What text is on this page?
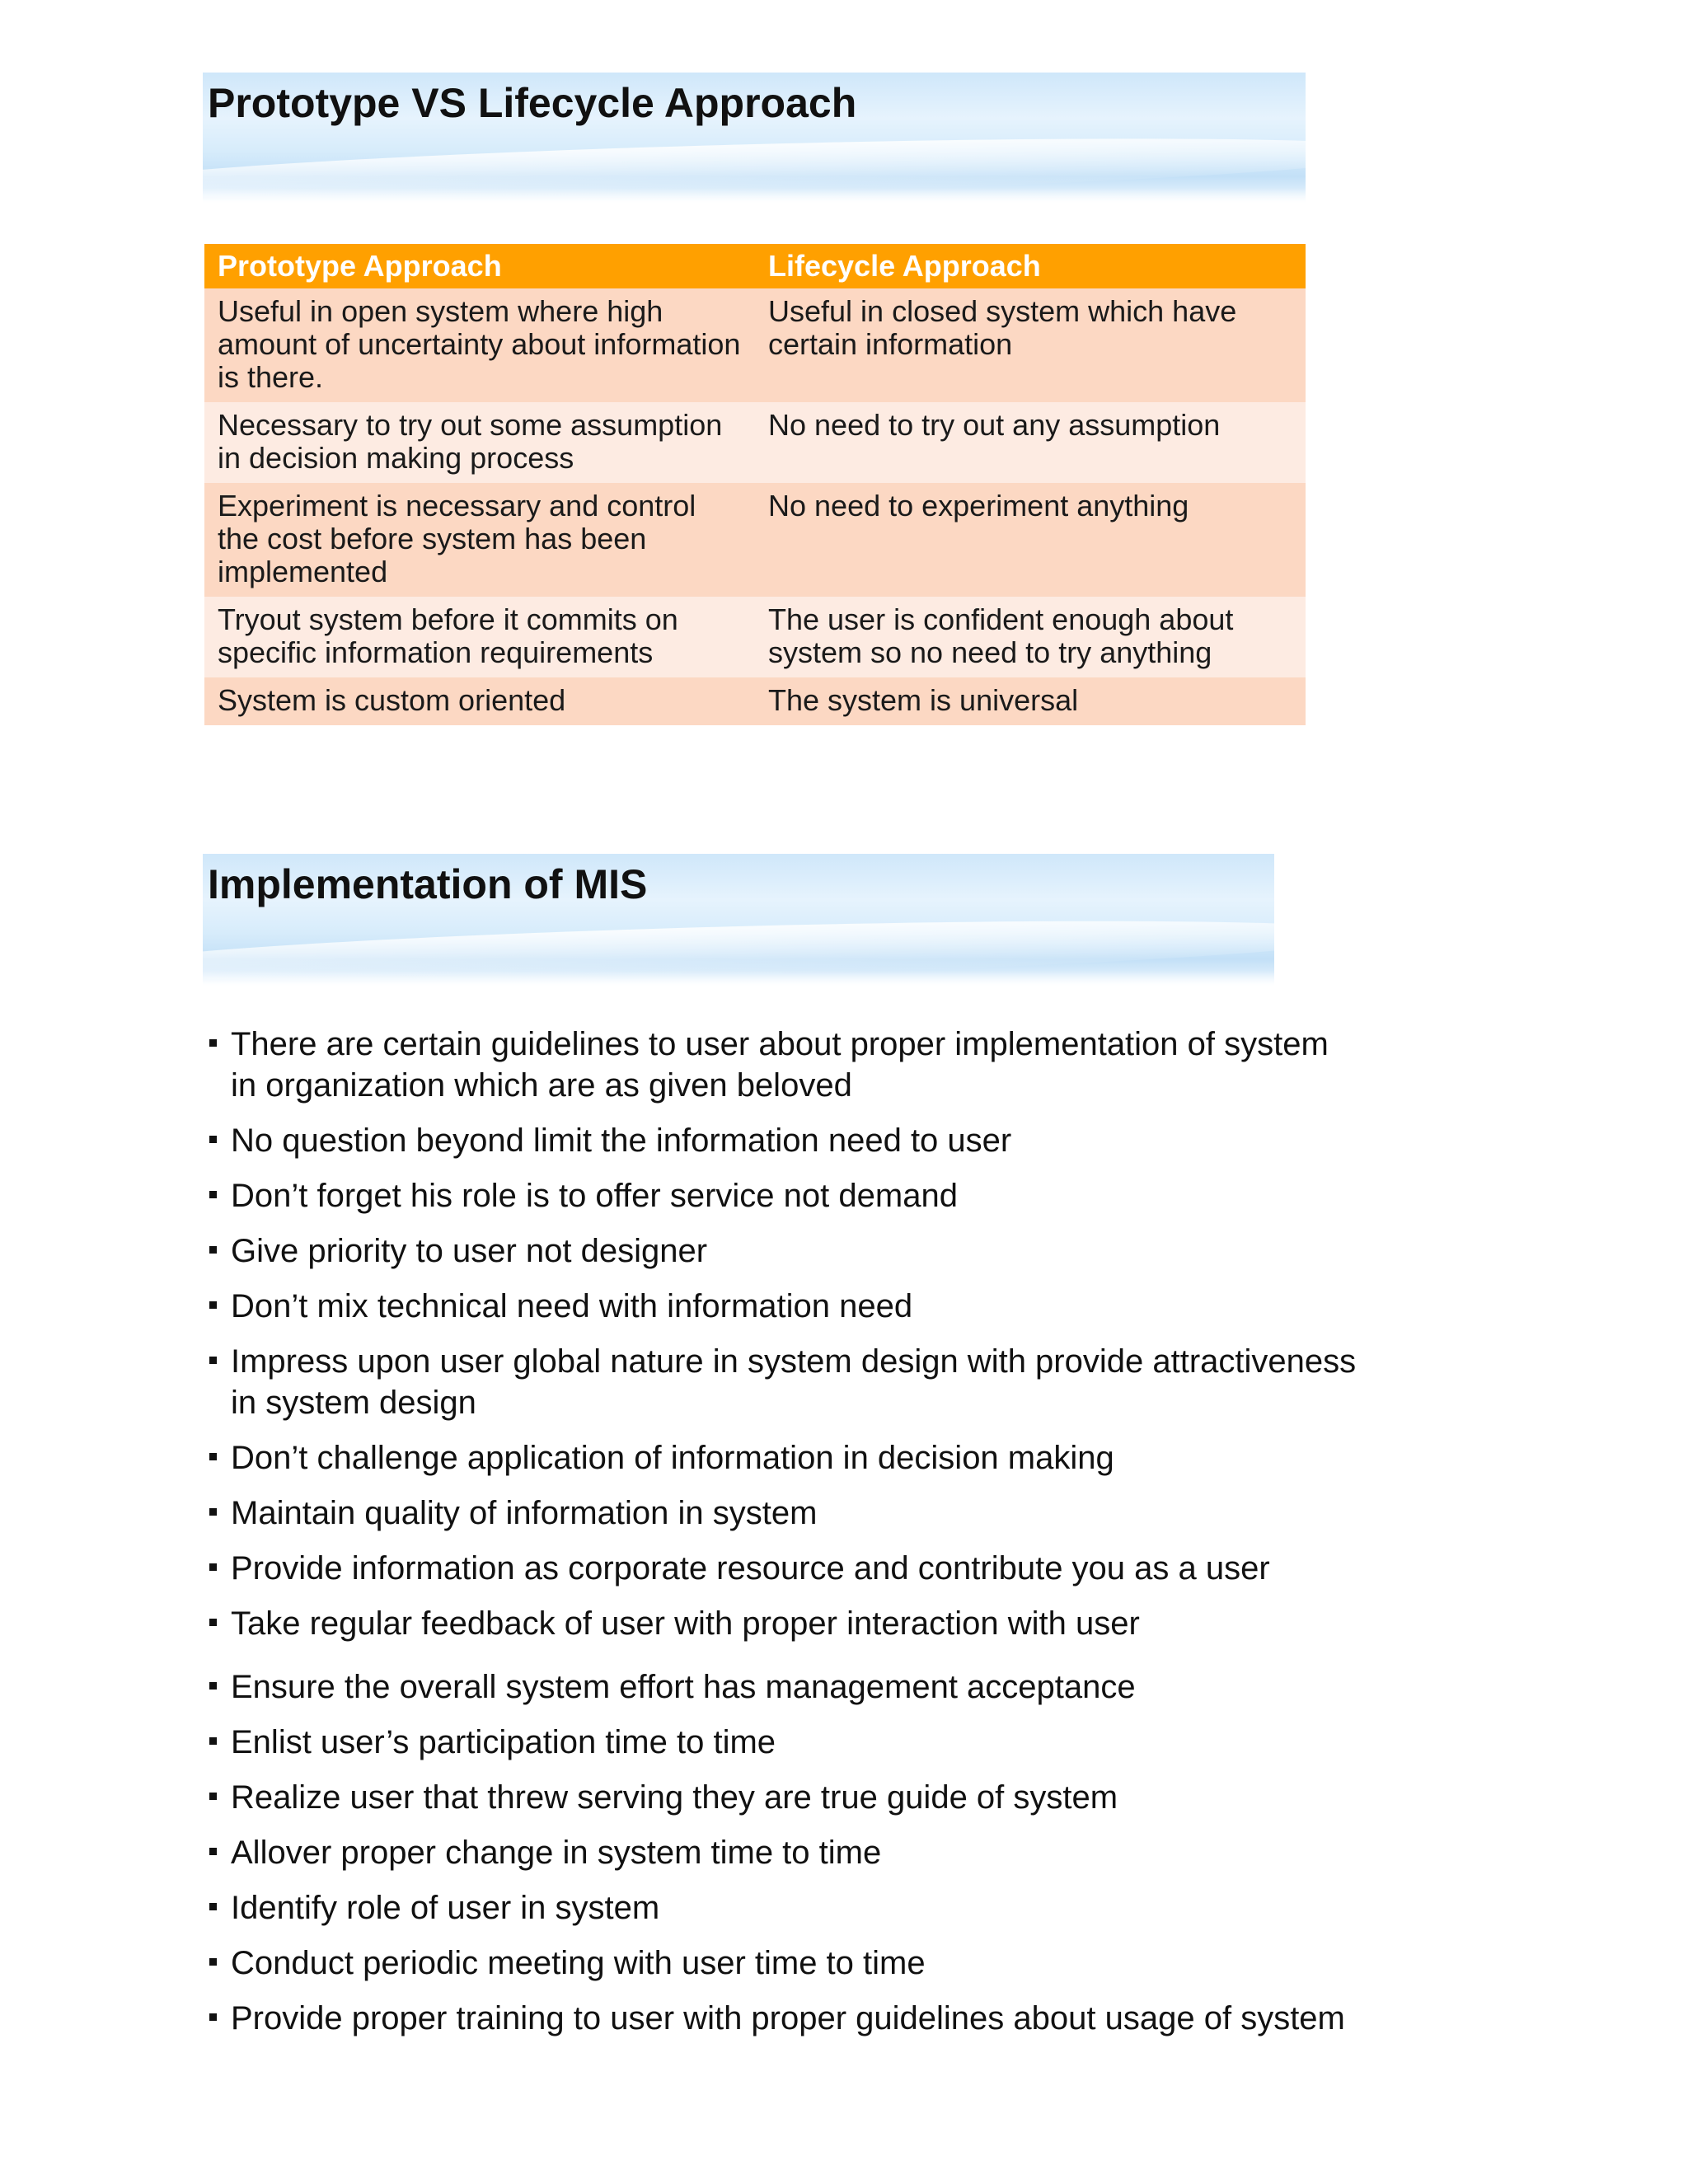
Prototype VS Lifecycle Approach
Prototype Approach	Lifecycle Approach
Useful in open system where high amount of uncertainty about information is there.	Useful in closed system which have certain information
Necessary to try out some assumption in decision making process	No need to try out any assumption
Experiment is necessary and control the cost before system has been implemented	No need to experiment anything
Tryout system before it commits on specific information requirements	The user is confident enough about system so no need to try anything
System is custom oriented	The system is universal
Implementation of MIS
There are certain guidelines to user about proper implementation of system in organization which are as given beloved
No question beyond limit the information need to user
Don’t forget his role is to offer service not demand
Give priority to user not designer
Don’t mix technical need with information need
Impress upon user global nature in system design with provide attractiveness in system design
Don’t challenge application of information in decision making
Maintain quality of information in system
Provide information as corporate resource and contribute you as a user
Take regular feedback of user with proper interaction with user
Ensure the overall system effort has management acceptance
Enlist user’s participation time to time
Realize user that threw serving they are true guide of system
Allover proper change in system time to time
Identify role of user in system
Conduct periodic meeting with user time to time
Provide proper training to user with proper guidelines about usage of system
